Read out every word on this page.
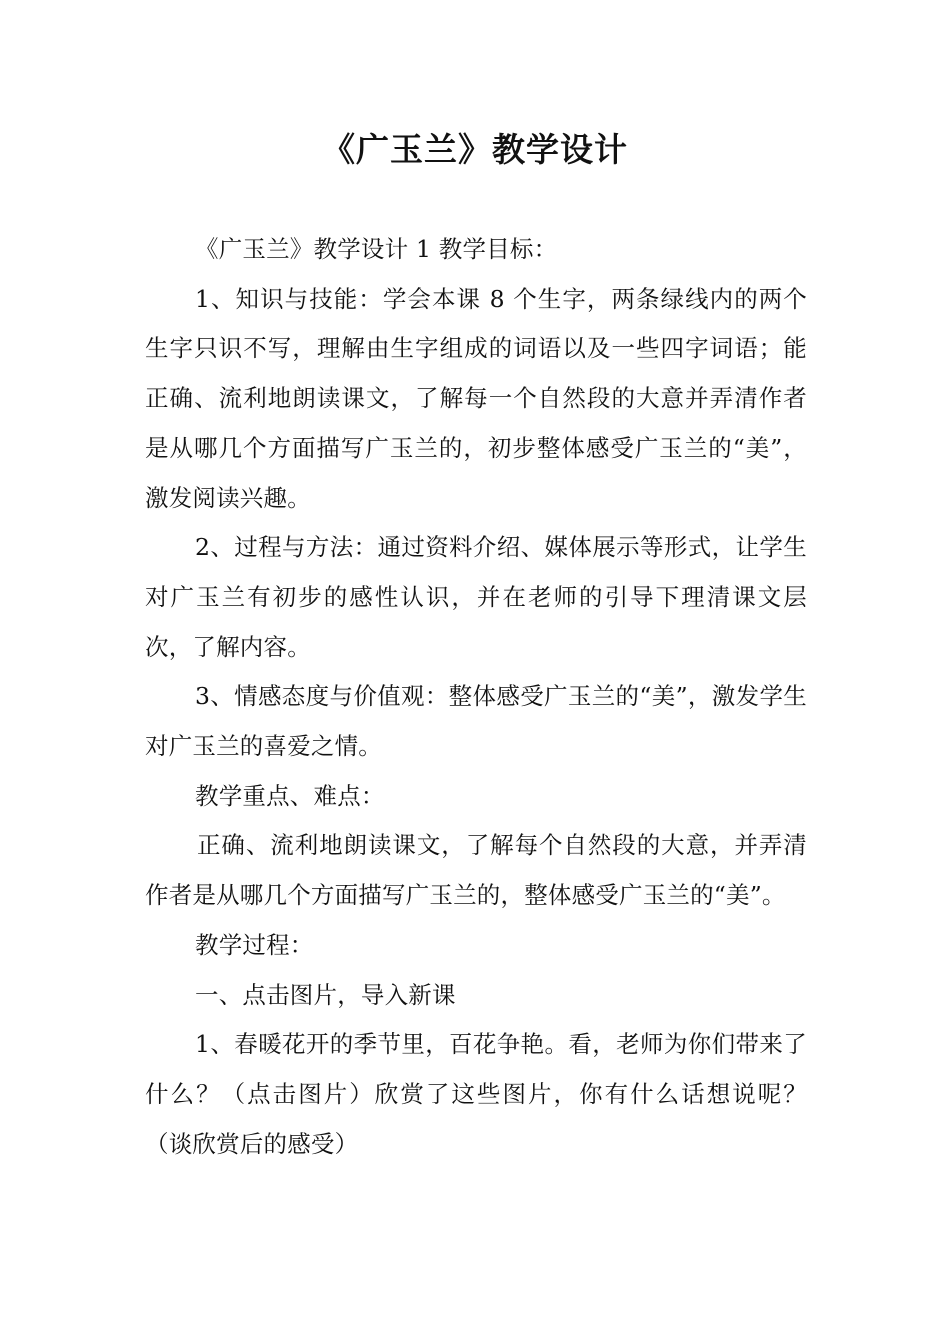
《广玉兰》教学设计

《广玉兰》教学设计 1 教学目标：

1、知识与技能：学会本课 8 个生字，两条绿线内的两个生字只识不写，理解由生字组成的词语以及一些四字词语；能正确、流利地朗读课文，了解每一个自然段的大意并弄清作者是从哪几个方面描写广玉兰的，初步整体感受广玉兰的“美”，激发阅读兴趣。

2、过程与方法：通过资料介绍、媒体展示等形式，让学生对广玉兰有初步的感性认识，并在老师的引导下理清课文层次，了解内容。

3、情感态度与价值观：整体感受广玉兰的“美”，激发学生对广玉兰的喜爱之情。

教学重点、难点：

正确、流利地朗读课文，了解每个自然段的大意，并弄清作者是从哪几个方面描写广玉兰的，整体感受广玉兰的“美”。

教学过程：

一、点击图片，导入新课

1、春暖花开的季节里，百花争艳。看，老师为你们带来了什么？（点击图片）欣赏了这些图片，你有什么话想说呢？（谈欣赏后的感受）
